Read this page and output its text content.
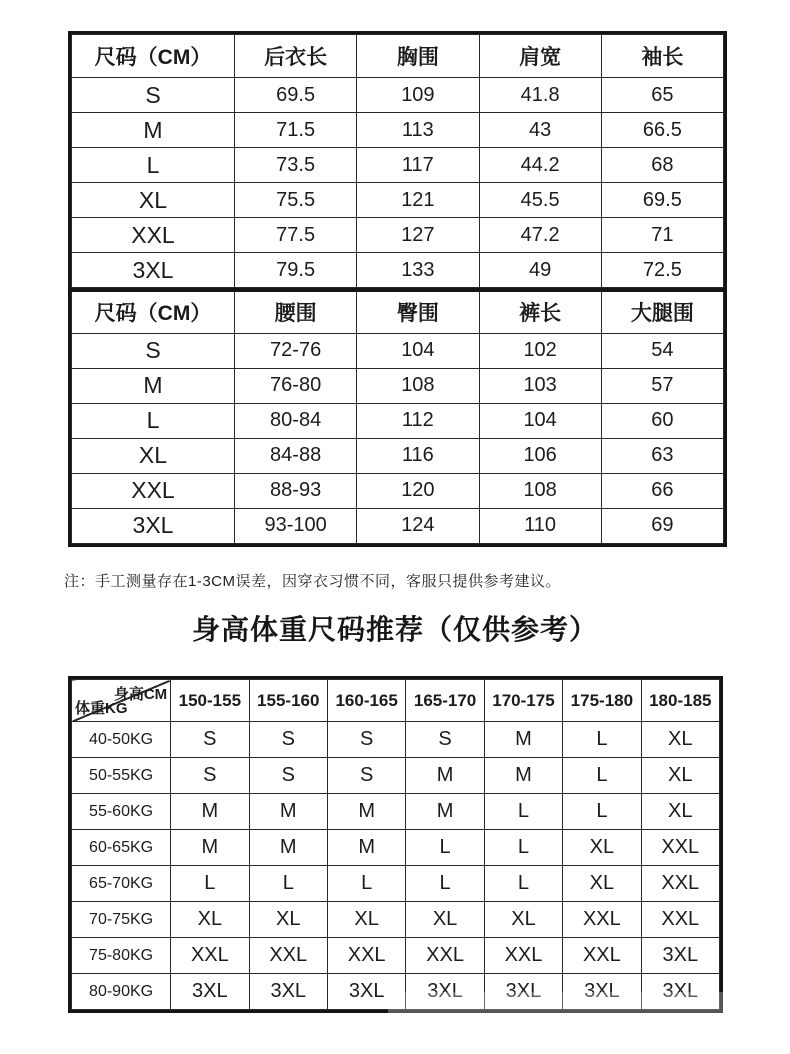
尺码（CM）	后衣长	胸围	肩宽	袖长
S	69.5	109	41.8	65
M	71.5	113	43	66.5
L	73.5	117	44.2	68
XL	75.5	121	45.5	69.5
XXL	77.5	127	47.2	71
3XL	79.5	133	49	72.5
尺码（CM）	腰围	臀围	裤长	大腿围
S	72-76	104	102	54
M	76-80	108	103	57
L	80-84	112	104	60
XL	84-88	116	106	63
XXL	88-93	120	108	66
3XL	93-100	124	110	69
注：手工测量存在1-3CM误差，因穿衣习惯不同，客服只提供参考建议。
身高体重尺码推荐（仅供参考）
身高CM
体重KG	150-155	155-160	160-165	165-170	170-175	175-180	180-185
40-50KG	S	S	S	S	M	L	XL
50-55KG	S	S	S	M	M	L	XL
55-60KG	M	M	M	M	L	L	XL
60-65KG	M	M	M	L	L	XL	XXL
65-70KG	L	L	L	L	L	XL	XXL
70-75KG	XL	XL	XL	XL	XL	XXL	XXL
75-80KG	XXL	XXL	XXL	XXL	XXL	XXL	3XL
80-90KG	3XL	3XL	3XL	3XL	3XL	3XL	3XL
